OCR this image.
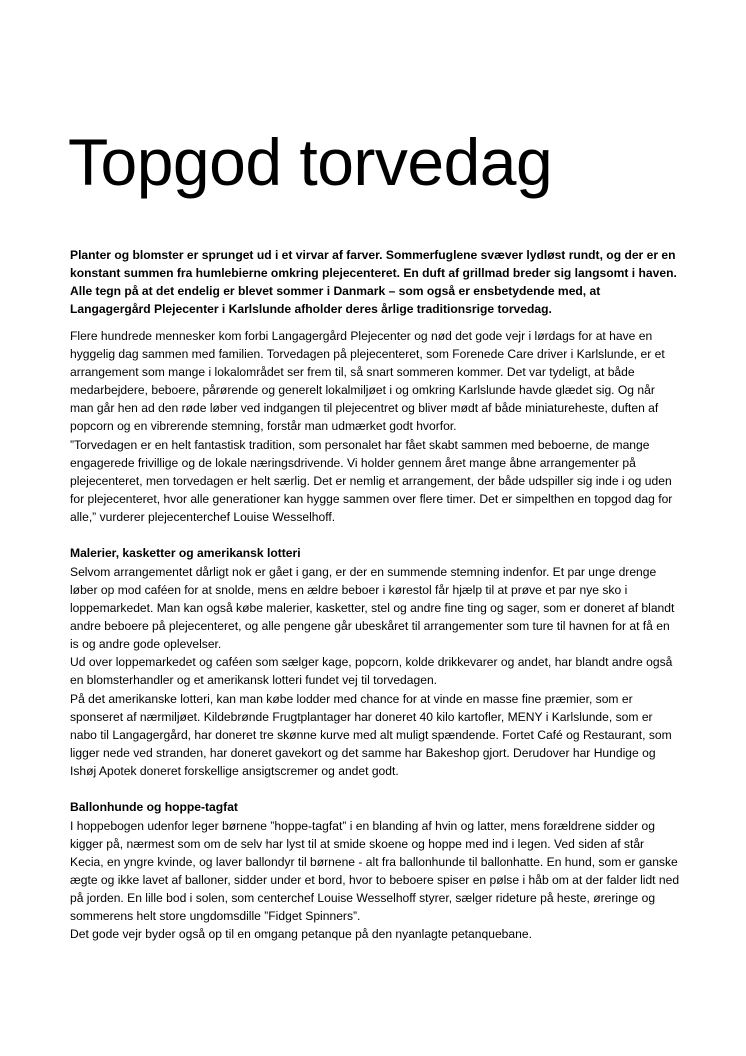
Topgod torvedag

Planter og blomster er sprunget ud i et virvar af farver. Sommerfuglene svæver lydløst rundt, og der er en konstant summen fra humlebierne omkring plejecenteret. En duft af grillmad breder sig langsomt i haven. Alle tegn på at det endelig er blevet sommer i Danmark – som også er ensbetydende med, at Langagergård Plejecenter i Karlslunde afholder deres årlige traditionsrige torvedag.

Flere hundrede mennesker kom forbi Langagergård Plejecenter og nød det gode vejr i lørdags for at have en hyggelig dag sammen med familien. Torvedagen på plejecenteret, som Forenede Care driver i Karlslunde, er et arrangement som mange i lokalområdet ser frem til, så snart sommeren kommer. Det var tydeligt, at både medarbejdere, beboere, pårørende og generelt lokalmiljøet i og omkring Karlslunde havde glædet sig. Og når man går hen ad den røde løber ved indgangen til plejecentret og bliver mødt af både miniatureheste, duften af popcorn og en vibrerende stemning, forstår man udmærket godt hvorfor.

”Torvedagen er en helt fantastisk tradition, som personalet har fået skabt sammen med beboerne, de mange engagerede frivillige og de lokale næringsdrivende. Vi holder gennem året mange åbne arrangementer på plejecenteret, men torvedagen er helt særlig. Det er nemlig et arrangement, der både udspiller sig inde i og uden for plejecenteret, hvor alle generationer kan hygge sammen over flere timer. Det er simpelthen en topgod dag for alle,” vurderer plejecenterchef Louise Wesselhoff.

Malerier, kasketter og amerikansk lotteri

Selvom arrangementet dårligt nok er gået i gang, er der en summende stemning indenfor. Et par unge drenge løber op mod caféen for at snolde, mens en ældre beboer i kørestol får hjælp til at prøve et par nye sko i loppemarkedet. Man kan også købe malerier, kasketter, stel og andre fine ting og sager, som er doneret af blandt andre beboere på plejecenteret, og alle pengene går ubeskåret til arrangementer som ture til havnen for at få en is og andre gode oplevelser.

Ud over loppemarkedet og caféen som sælger kage, popcorn, kolde drikkevarer og andet, har blandt andre også en blomsterhandler og et amerikansk lotteri fundet vej til torvedagen.

På det amerikanske lotteri, kan man købe lodder med chance for at vinde en masse fine præmier, som er sponseret af nærmiljøet. Kildebrønde Frugtplantager har doneret 40 kilo kartofler, MENY i Karlslunde, som er nabo til Langagergård, har doneret tre skønne kurve med alt muligt spændende. Fortet Café og Restaurant, som ligger nede ved stranden, har doneret gavekort og det samme har Bakeshop gjort. Derudover har Hundige og Ishøj Apotek doneret forskellige ansigtscremer og andet godt.

Ballonhunde og hoppe-tagfat

I hoppebogen udenfor leger børnene ”hoppe-tagfat” i en blanding af hvin og latter, mens forældrene sidder og kigger på, nærmest som om de selv har lyst til at smide skoene og hoppe med ind i legen. Ved siden af står Kecia, en yngre kvinde, og laver ballondyr til børnene - alt fra ballonhunde til ballonhatte. En hund, som er ganske ægte og ikke lavet af balloner, sidder under et bord, hvor to beboere spiser en pølse i håb om at der falder lidt ned på jorden. En lille bod i solen, som centerchef Louise Wesselhoff styrer, sælger rideture på heste, øreringe og sommerens helt store ungdomsdille ”Fidget Spinners”.

Det gode vejr byder også op til en omgang petanque på den nyanlagte petanquebane.
